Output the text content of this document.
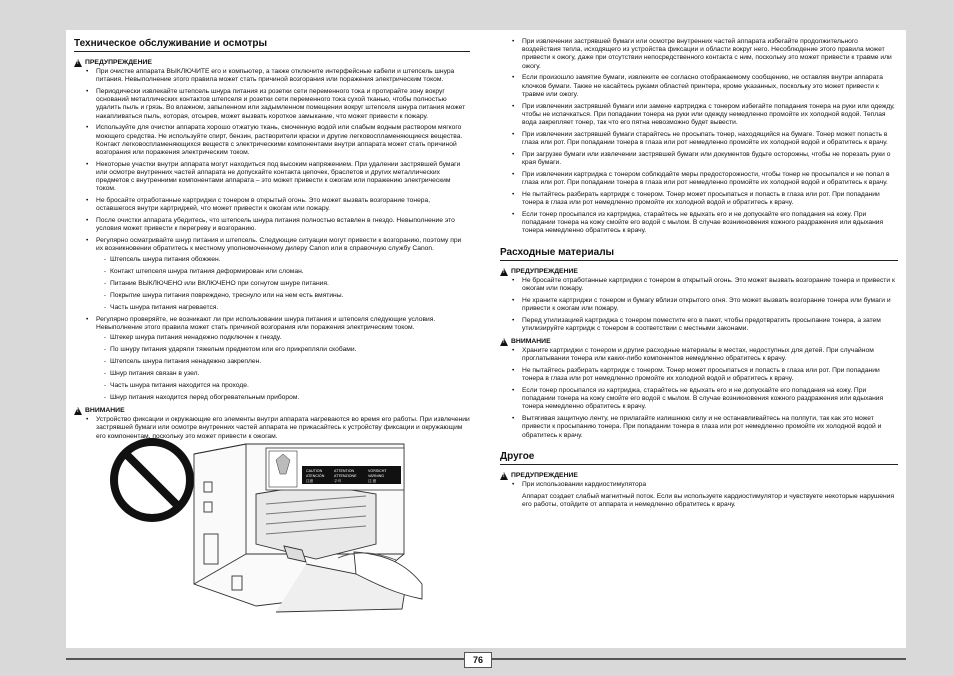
Техническое обслуживание и осмотры
!
ПРЕДУПРЕЖДЕНИЕ
• При очистке аппарата ВЫКЛЮЧИТЕ его и компьютер, а также отключите интерфейсные кабели и штепсель шнура питания. Невыполнение этого правила может стать причиной возгорания или поражения электрическим током.
• Периодически извлекайте штепсель шнура питания из розетки сети переменного тока и протирайте зону вокруг оснований металлических контактов штепселя и розетки сети переменного тока сухой тканью, чтобы полностью удалить пыль и грязь. Во влажном, запыленном или задымленном помещении вокруг штепселя шнура питания может накапливаться пыль, которая, отсырев, может вызвать короткое замыкание, что может привести к пожару.
• Используйте для очистки аппарата хорошо отжатую ткань, смоченную водой или слабым водным раствором мягкого моющего средства. Не используйте спирт, бензин, растворители краски и другие легковоспламеняющиеся вещества. Контакт легковоспламеняющихся веществ с электрическими компонентами внутри аппарата может стать причиной возгорания или поражения электрическим током.
• Некоторые участки внутри аппарата могут находиться под высоким напряжением. При удалении застрявшей бумаги или осмотре внутренних частей аппарата не допускайте контакта цепочек, браслетов и других металлических предметов с внутренними компонентами аппарата – это может привести к ожогам или поражению электрическим током.
• Не бросайте отработанные картриджи с тонером в открытый огонь. Это может вызвать возгорание тонера, оставшегося внутри картриджей, что может привести к ожогам или пожару.
• После очистки аппарата убедитесь, что штепсель шнура питания полностью вставлен в гнездо. Невыполнение это условия может привести к перегреву и возгоранию.
• Регулярно осматривайте шнур питания и штепсель. Следующие ситуации могут привести к возгоранию, поэтому при их возникновении обратитесь к местному уполномоченному дилеру Canon или в справочную службу Canon.
- Штепсель шнура питания обожжен.
- Контакт штепселя шнура питания деформирован или сломан.
- Питание ВЫКЛЮЧЕНО или ВКЛЮЧЕНО при согнутом шнуре питания.
- Покрытие шнура питания повреждено, треснуло или на нем есть вмятины.
- Часть шнура питания нагревается.
• Регулярно проверяйте, не возникают ли при использовании шнура питания и штепселя следующие условия. Невыполнение этого правила может стать причиной возгорания или поражения электрическим током.
- Штекер шнура питания ненадежно подключен к гнезду.
- По шнуру питания ударяли тяжелым предметом или его прикрепляли скобами.
- Штепсель шнура питания ненадежно закреплен.
- Шнур питания связан в узел.
- Часть шнура питания находится на проходе.
- Шнур питания находится перед обогревательным прибором.
!
ВНИМАНИЕ
• Устройство фиксации и окружающие его элементы внутри аппарата нагреваются во время его работы. При извлечении застрявшей бумаги или осмотре внутренних частей аппарата не прикасайтесь к устройству фиксации и окружающим его компонентам, поскольку это может привести к ожогам.
CAUTION	ATTENTION	VORSICHT
ATENCIÓN	ATTENZIONE	VARNING
注意	주의	注 意
• При извлечении застрявшей бумаги или осмотре внутренних частей аппарата избегайте продолжительного воздействия тепла, исходящего из устройства фиксации и области вокруг него. Несоблюдение этого правила может привести к ожогу, даже при отсутствии непосредственного контакта с ним, поскольку это может привести к травме или ожогу.
• Если произошло замятие бумаги, извлеките ее согласно отображаемому сообщению, не оставляя внутри аппарата клочков бумаги. Также не касайтесь руками областей принтера, кроме указанных, поскольку это может привести к травме или ожогу.
• При извлечении застрявшей бумаги или замене картриджа с тонером избегайте попадания тонера на руки или одежду, чтобы не испачкаться. При попадании тонера на руки или одежду немедленно промойте их холодной водой. Теплая вода закрепляет тонер, так что его пятна невозможно будет вывести.
• При извлечении застрявшей бумаги старайтесь не просыпать тонер, находящийся на бумаге. Тонер может попасть в глаза или рот. При попадании тонера в глаза или рот немедленно промойте их холодной водой и обратитесь к врачу.
• При загрузке бумаги или извлечении застрявшей бумаги или документов будьте осторожны, чтобы не порезать руки о края бумаги.
• При извлечении картриджа с тонером соблюдайте меры предосторожности, чтобы тонер не просыпался и не попал в глаза или рот. При попадании тонера в глаза или рот немедленно промойте их холодной водой и обратитесь к врачу.
• Не пытайтесь разбирать картридж с тонером. Тонер может просыпаться и попасть в глаза или рот. При попадании тонера в глаза или рот немедленно промойте их холодной водой и обратитесь к врачу.
• Если тонер просыпался из картриджа, старайтесь не вдыхать его и не допускайте его попадания на кожу. При попадании тонера на кожу смойте его водой с мылом. В случае возникновения кожного раздражения или вдыхания тонера немедленно обратитесь к врачу.
Расходные материалы
!
ПРЕДУПРЕЖДЕНИЕ
• Не бросайте отработанные картриджи с тонером в открытый огонь. Это может вызвать возгорание тонера и привести к ожогам или пожару.
• Не храните картриджи с тонером и бумагу вблизи открытого огня. Это может вызвать возгорание тонера или бумаги и привести к ожогам или пожару.
• Перед утилизацией картриджа с тонером поместите его в пакет, чтобы предотвратить просыпание тонера, а затем утилизируйте картридж с тонером в соответствии с местными законами.
!
ВНИМАНИЕ
• Храните картриджи с тонером и другие расходные материалы в местах, недоступных для детей. При случайном проглатывании тонера или каких-либо компонентов немедленно обратитесь к врачу.
• Не пытайтесь разбирать картридж с тонером. Тонер может просыпаться и попасть в глаза или рот. При попадании тонера в глаза или рот немедленно промойте их холодной водой и обратитесь к врачу.
• Если тонер просыпался из картриджа, старайтесь не вдыхать его и не допускайте его попадания на кожу. При попадании тонера на кожу смойте его водой с мылом. В случае возникновения кожного раздражения или вдыхания тонера немедленно обратитесь к врачу.
• Вытягивая защитную ленту, не прилагайте излишнюю силу и не останавливайтесь на полпути, так как это может привести к просыпанию тонера. При попадании тонера в глаза или рот немедленно промойте их холодной водой и обратитесь к врачу.
Другое
!
ПРЕДУПРЕЖДЕНИЕ
• При использовании кардиостимулятора
Аппарат создает слабый магнитный поток. Если вы используете кардиостимулятор и чувствуете некоторые нарушения его работы, отойдите от аппарата и немедленно обратитесь к врачу.
76
